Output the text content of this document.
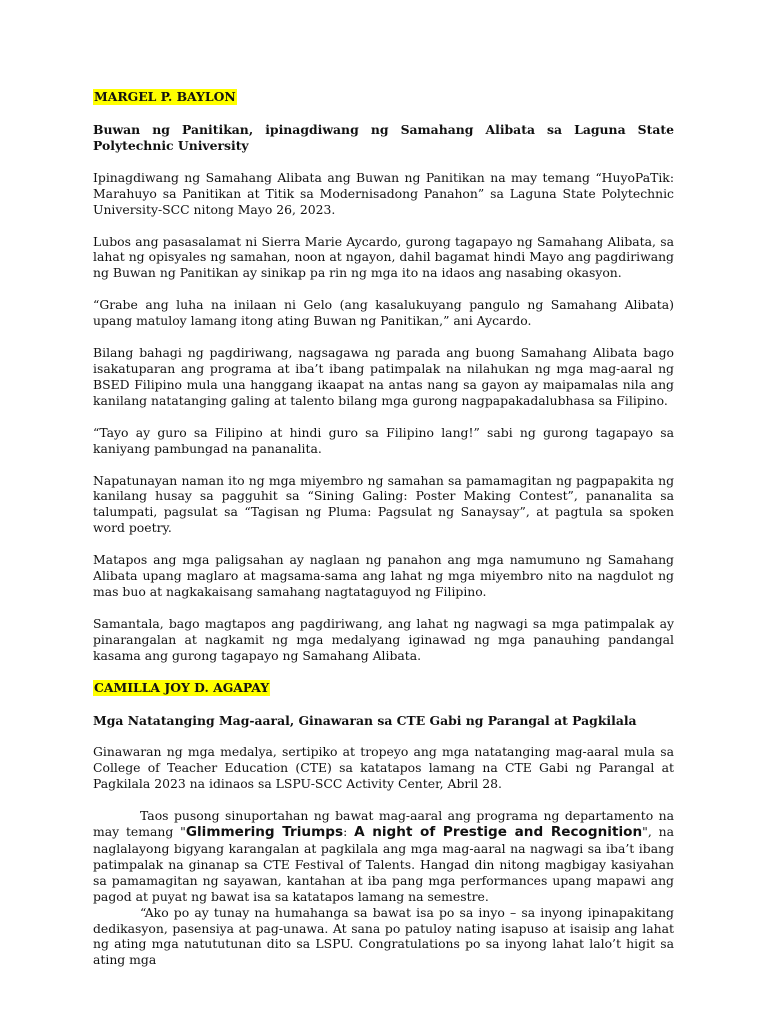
MARGEL P. BAYLON

Buwan ng Panitikan, ipinagdiwang ng Samahang Alibata sa Laguna State Polytechnic University

Ipinagdiwang ng Samahang Alibata ang Buwan ng Panitikan na may temang “HuyoPaTik: Marahuyo sa Panitikan at Titik sa Modernisadong Panahon” sa Laguna State Polytechnic University-SCC nitong Mayo 26, 2023.

Lubos ang pasasalamat ni Sierra Marie Aycardo, gurong tagapayo ng Samahang Alibata, sa lahat ng opisyales ng samahan, noon at ngayon, dahil bagamat hindi Mayo ang pagdiriwang ng Buwan ng Panitikan ay sinikap pa rin ng mga ito na idaos ang nasabing okasyon.

“Grabe ang luha na inilaan ni Gelo (ang kasalukuyang pangulo ng Samahang Alibata) upang matuloy lamang itong ating Buwan ng Panitikan,” ani Aycardo.

Bilang bahagi ng pagdiriwang, nagsagawa ng parada ang buong Samahang Alibata bago isakatuparan ang programa at iba’t ibang patimpalak na nilahukan ng mga mag-aaral ng BSED Filipino mula una hanggang ikaapat na antas nang sa gayon ay maipamalas nila ang kanilang natatanging galing at talento bilang mga gurong nagpapakadalubhasa sa Filipino.

“Tayo ay guro sa Filipino at hindi guro sa Filipino lang!” sabi ng gurong tagapayo sa kaniyang pambungad na pananalita.

Napatunayan naman ito ng mga miyembro ng samahan sa pamamagitan ng pagpapakita ng kanilang husay sa pagguhit sa “Sining Galing: Poster Making Contest”, pananalita sa talumpati, pagsulat sa “Tagisan ng Pluma: Pagsulat ng Sanaysay”, at pagtula sa spoken word poetry.

Matapos ang mga paligsahan ay naglaan ng panahon ang mga namumuno ng Samahang Alibata upang maglaro at magsama-sama ang lahat ng mga miyembro nito na nagdulot ng mas buo at nagkakaisang samahang nagtataguyod ng Filipino.

Samantala, bago magtapos ang pagdiriwang, ang lahat ng nagwagi sa mga patimpalak ay pinarangalan at nagkamit ng mga medalyang iginawad ng mga panauhing pandangal kasama ang gurong tagapayo ng Samahang Alibata.

CAMILLA JOY D. AGAPAY

Mga Natatanging Mag-aaral, Ginawaran sa CTE Gabi ng Parangal at Pagkilala

Ginawaran ng mga medalya, sertipiko at tropeyo ang mga natatanging mag-aaral mula sa College of Teacher Education (CTE) sa katatapos lamang na CTE Gabi ng Parangal at Pagkilala 2023 na idinaos sa LSPU-SCC Activity Center, Abril 28.

Taos pusong sinuportahan ng bawat mag-aaral ang programa ng departamento na may temang "Glimmering Triumps: A night of Prestige and Recognition", na naglalayong bigyang karangalan at pagkilala ang mga mag-aaral na nagwagi sa iba’t ibang patimpalak na ginanap sa CTE Festival of Talents. Hangad din nitong magbigay kasiyahan sa pamamagitan ng sayawan, kantahan at iba pang mga performances upang mapawi ang pagod at puyat ng bawat isa sa katatapos lamang na semestre.

“Ako po ay tunay na humahanga sa bawat isa po sa inyo – sa inyong ipinapakitang dedikasyon, pasensiya at pag-unawa. At sana po patuloy nating isapuso at isaisip ang lahat ng ating mga natututunan dito sa LSPU. Congratulations po sa inyong lahat lalo’t higit sa ating mga
